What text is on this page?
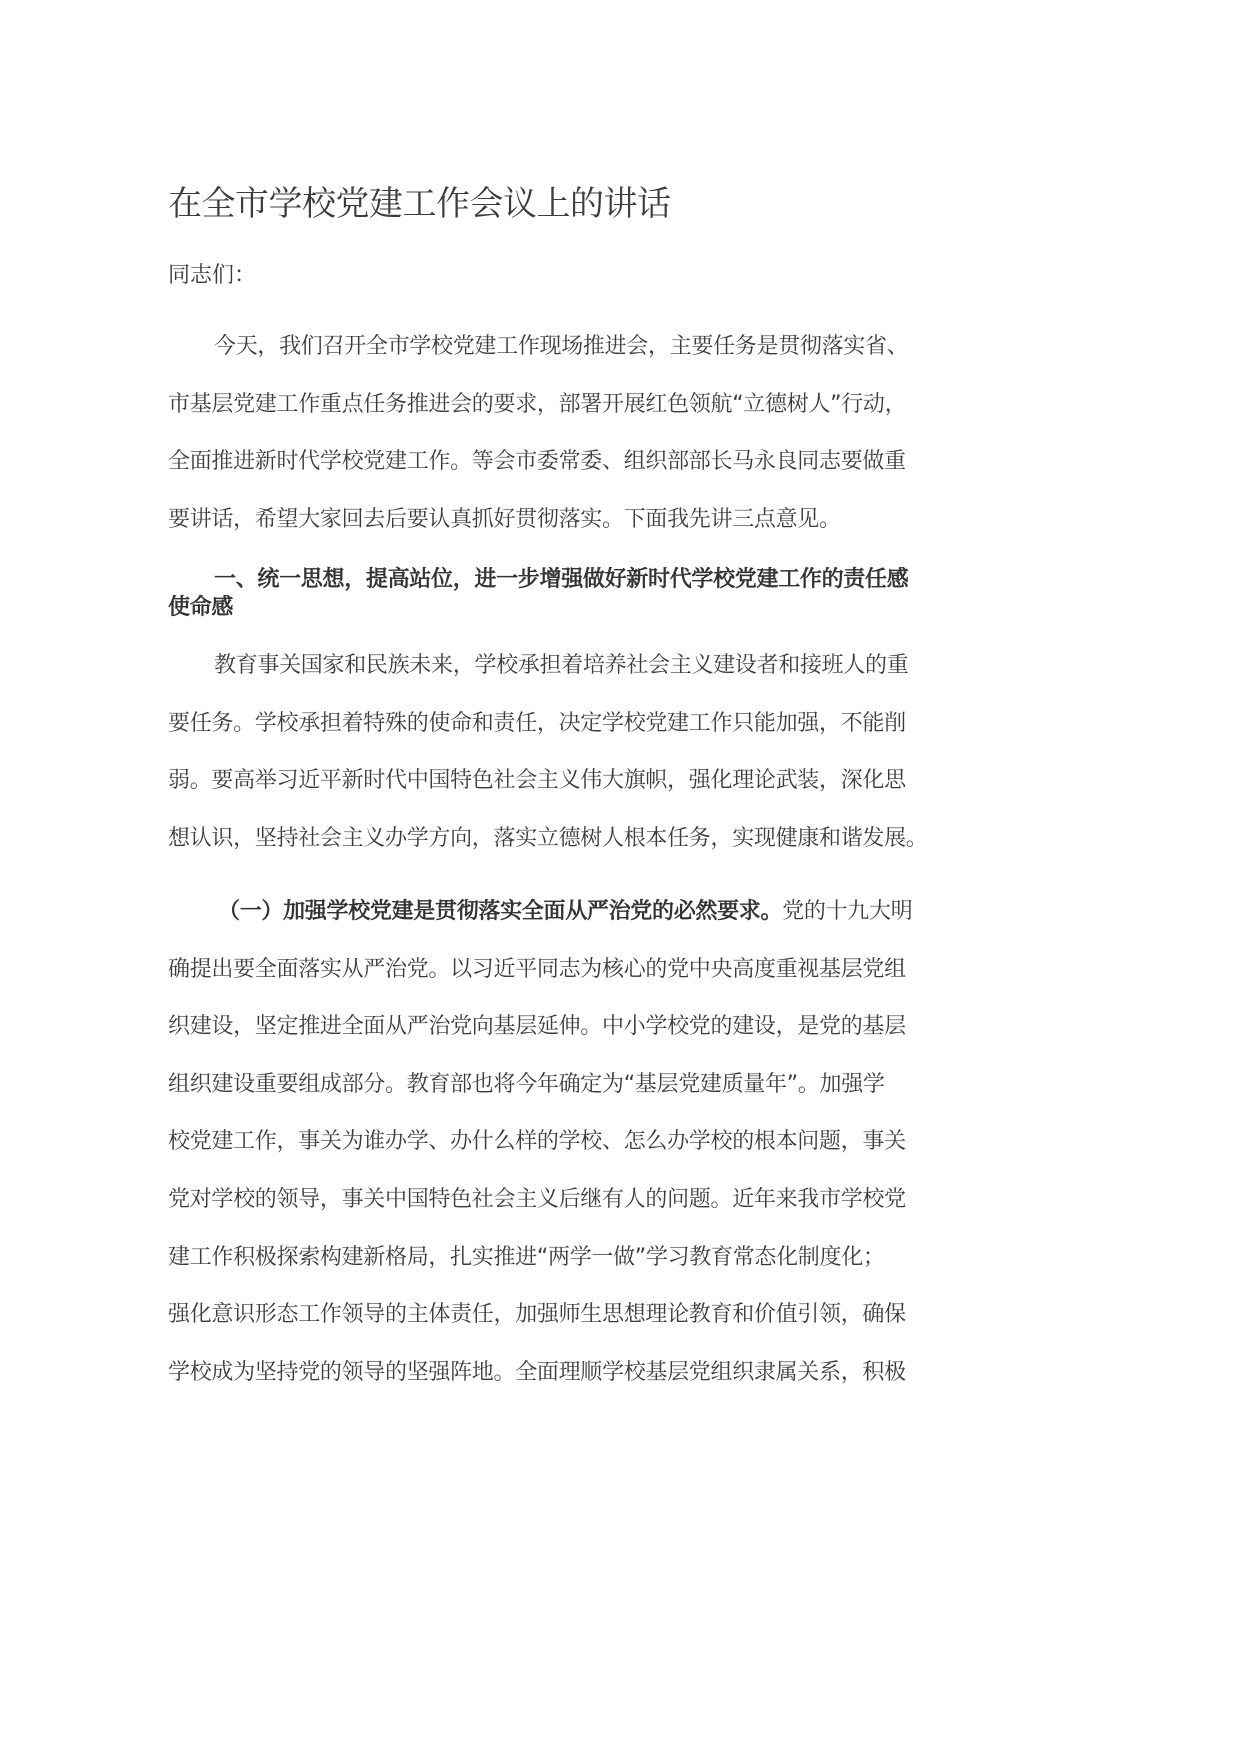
在全市学校党建工作会议上的讲话
同志们：
今天，我们召开全市学校党建工作现场推进会，主要任务是贯彻落实省、
市基层党建工作重点任务推进会的要求，部署开展红色领航“立德树人”行动，
全面推进新时代学校党建工作。等会市委常委、组织部部长马永良同志要做重
要讲话，希望大家回去后要认真抓好贯彻落实。下面我先讲三点意见。
一、统一思想，提高站位，进一步增强做好新时代学校党建工作的责任感
使命感
教育事关国家和民族未来，学校承担着培养社会主义建设者和接班人的重
要任务。学校承担着特殊的使命和责任，决定学校党建工作只能加强，不能削
弱。要高举习近平新时代中国特色社会主义伟大旗帜，强化理论武装，深化思
想认识，坚持社会主义办学方向，落实立德树人根本任务，实现健康和谐发展。
（一）加强学校党建是贯彻落实全面从严治党的必然要求。党的十九大明
确提出要全面落实从严治党。以习近平同志为核心的党中央高度重视基层党组
织建设，坚定推进全面从严治党向基层延伸。中小学校党的建设，是党的基层
组织建设重要组成部分。教育部也将今年确定为“基层党建质量年”。加强学
校党建工作，事关为谁办学、办什么样的学校、怎么办学校的根本问题，事关
党对学校的领导，事关中国特色社会主义后继有人的问题。近年来我市学校党
建工作积极探索构建新格局，扎实推进“两学一做”学习教育常态化制度化；
强化意识形态工作领导的主体责任，加强师生思想理论教育和价值引领，确保
学校成为坚持党的领导的坚强阵地。全面理顺学校基层党组织隶属关系，积极
